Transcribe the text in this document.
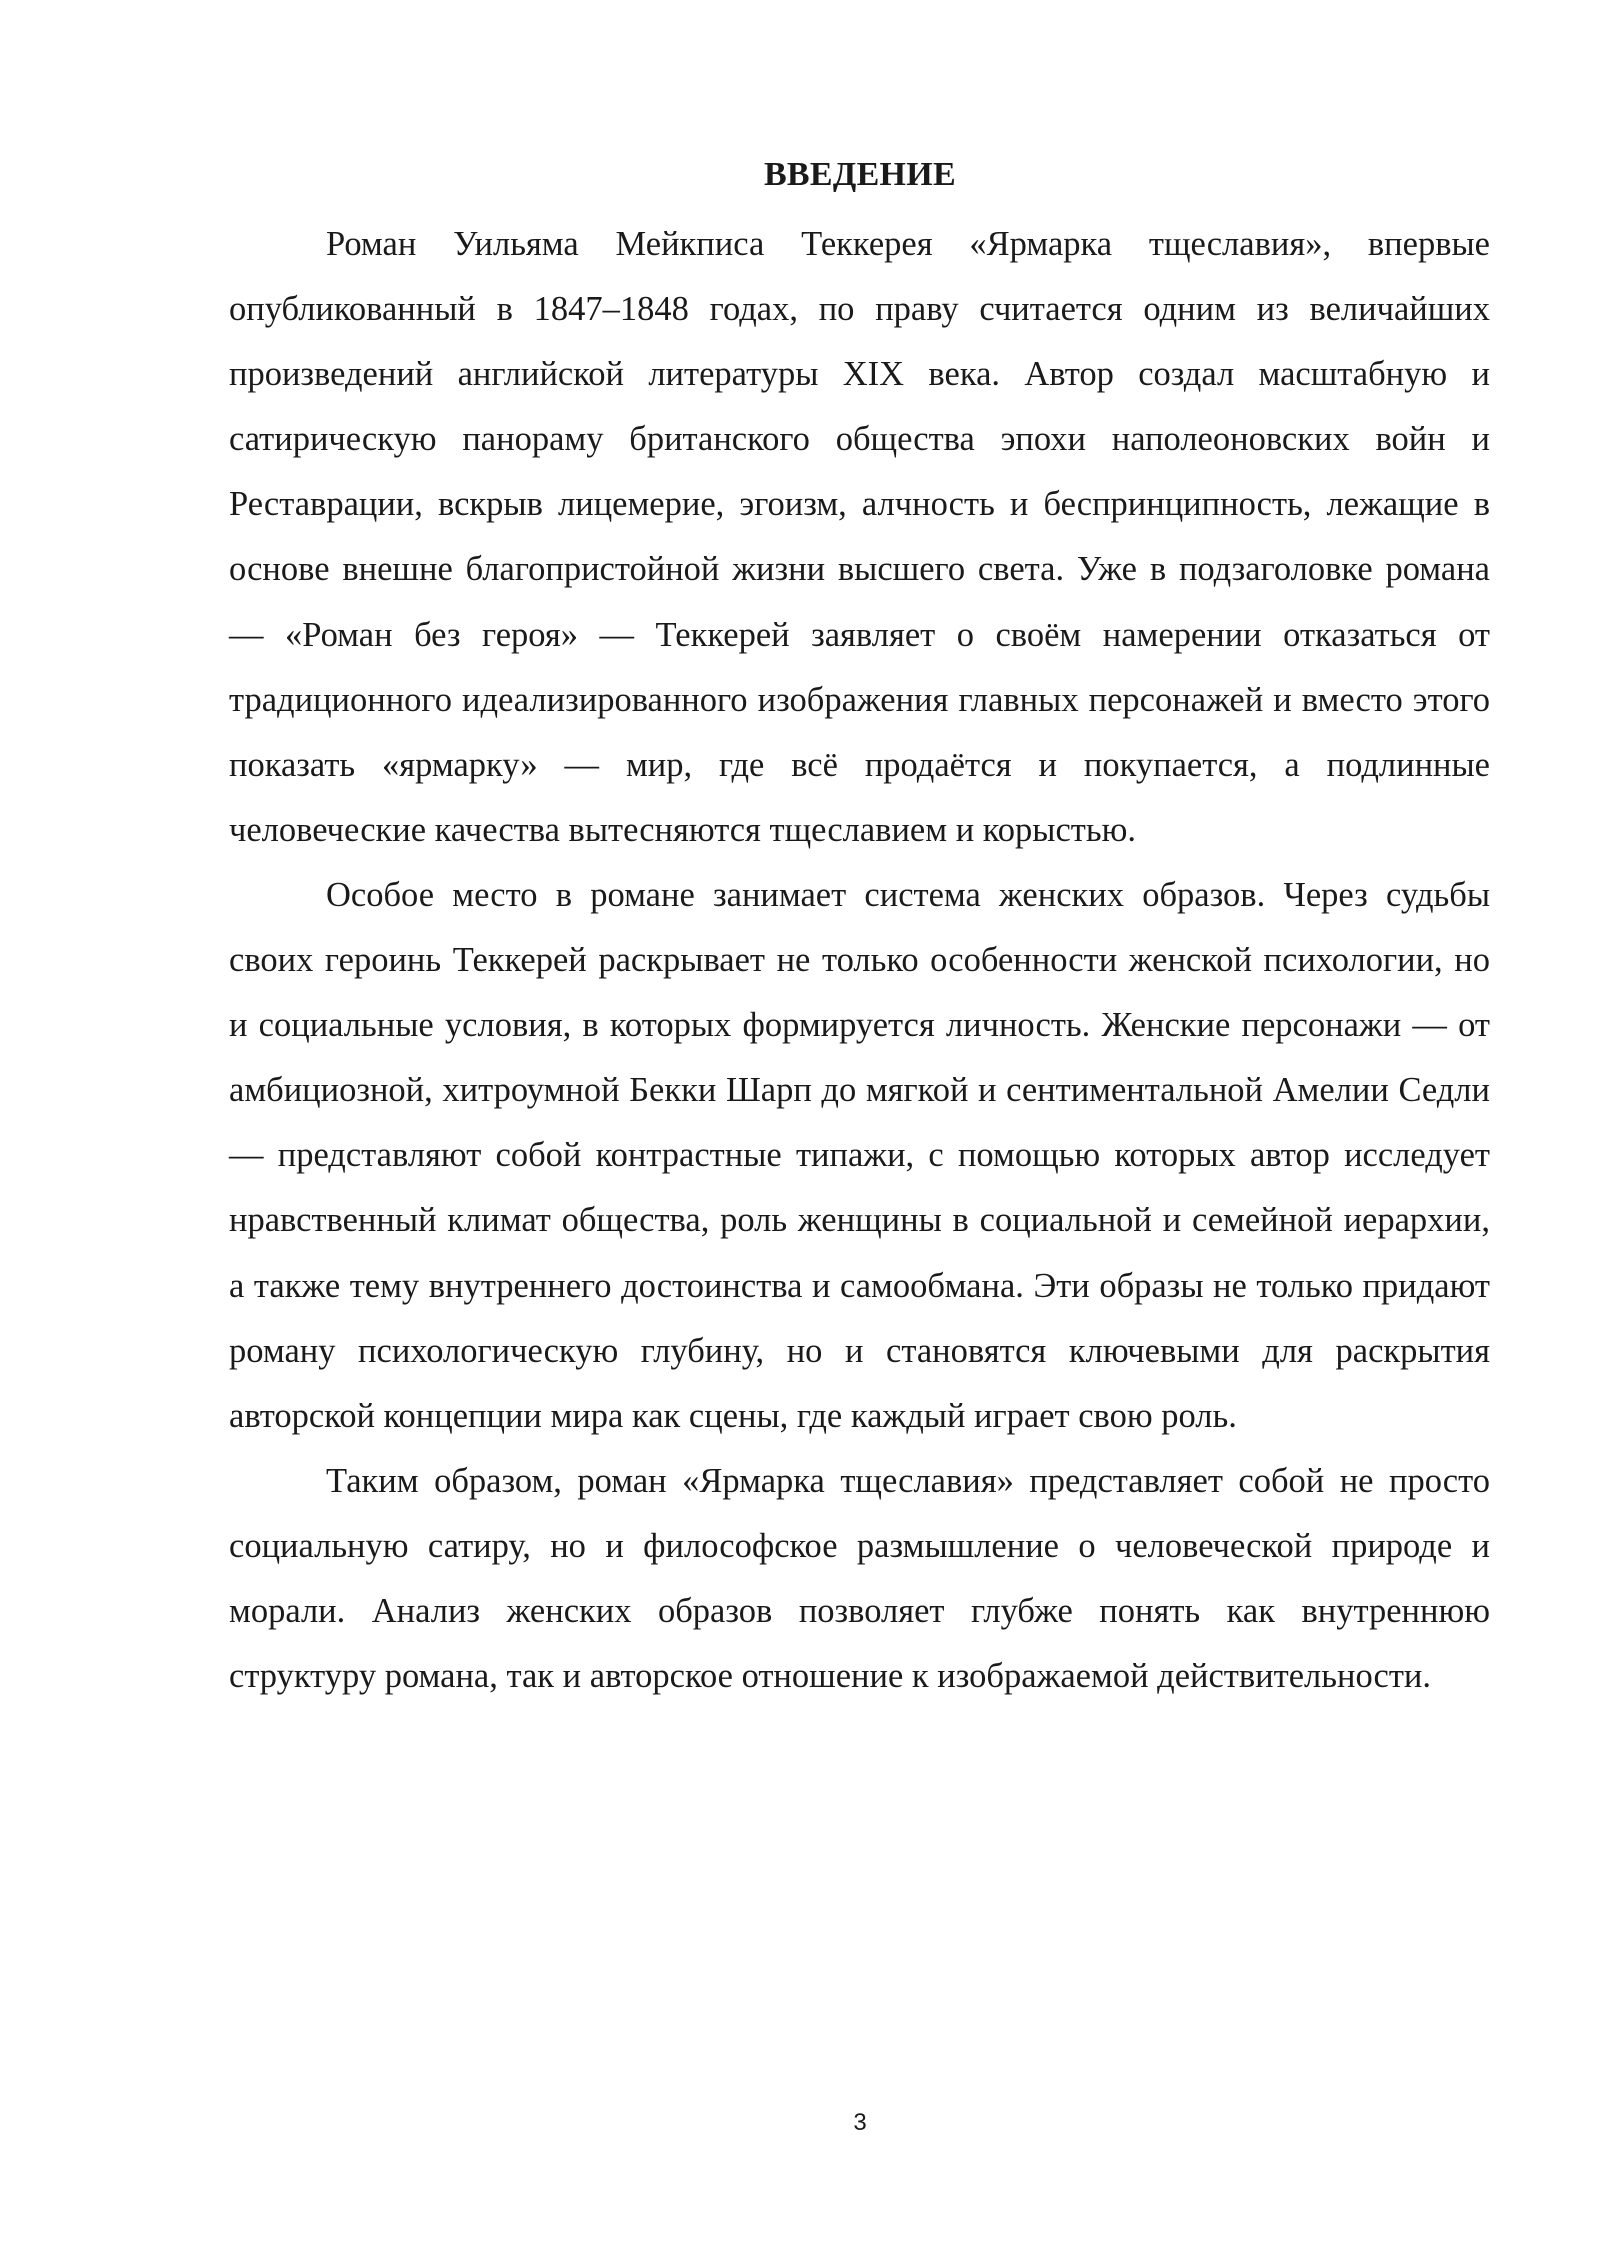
ВВЕДЕНИЕ

Роман Уильяма Мейкписа Теккерея «Ярмарка тщеславия», впервые опубликованный в 1847–1848 годах, по праву считается одним из величайших произведений английской литературы XIX века. Автор создал масштабную и сатирическую панораму британского общества эпохи наполеоновских войн и Реставрации, вскрыв лицемерие, эгоизм, алчность и беспринципность, лежащие в основе внешне благопристойной жизни высшего света. Уже в подзаголовке романа — «Роман без героя» — Теккерей заявляет о своём намерении отказаться от традиционного идеализированного изображения главных персонажей и вместо этого показать «ярмарку» — мир, где всё продаётся и покупается, а подлинные человеческие качества вытесняются тщеславием и корыстью.

Особое место в романе занимает система женских образов. Через судьбы своих героинь Теккерей раскрывает не только особенности женской психологии, но и социальные условия, в которых формируется личность. Женские персонажи — от амбициозной, хитроумной Бекки Шарп до мягкой и сентиментальной Амелии Седли — представляют собой контрастные типажи, с помощью которых автор исследует нравственный климат общества, роль женщины в социальной и семейной иерархии, а также тему внутреннего достоинства и самообмана. Эти образы не только придают роману психологическую глубину, но и становятся ключевыми для раскрытия авторской концепции мира как сцены, где каждый играет свою роль.

Таким образом, роман «Ярмарка тщеславия» представляет собой не просто социальную сатиру, но и философское размышление о человеческой природе и морали. Анализ женских образов позволяет глубже понять как внутреннюю структуру романа, так и авторское отношение к изображаемой действительности.

3
